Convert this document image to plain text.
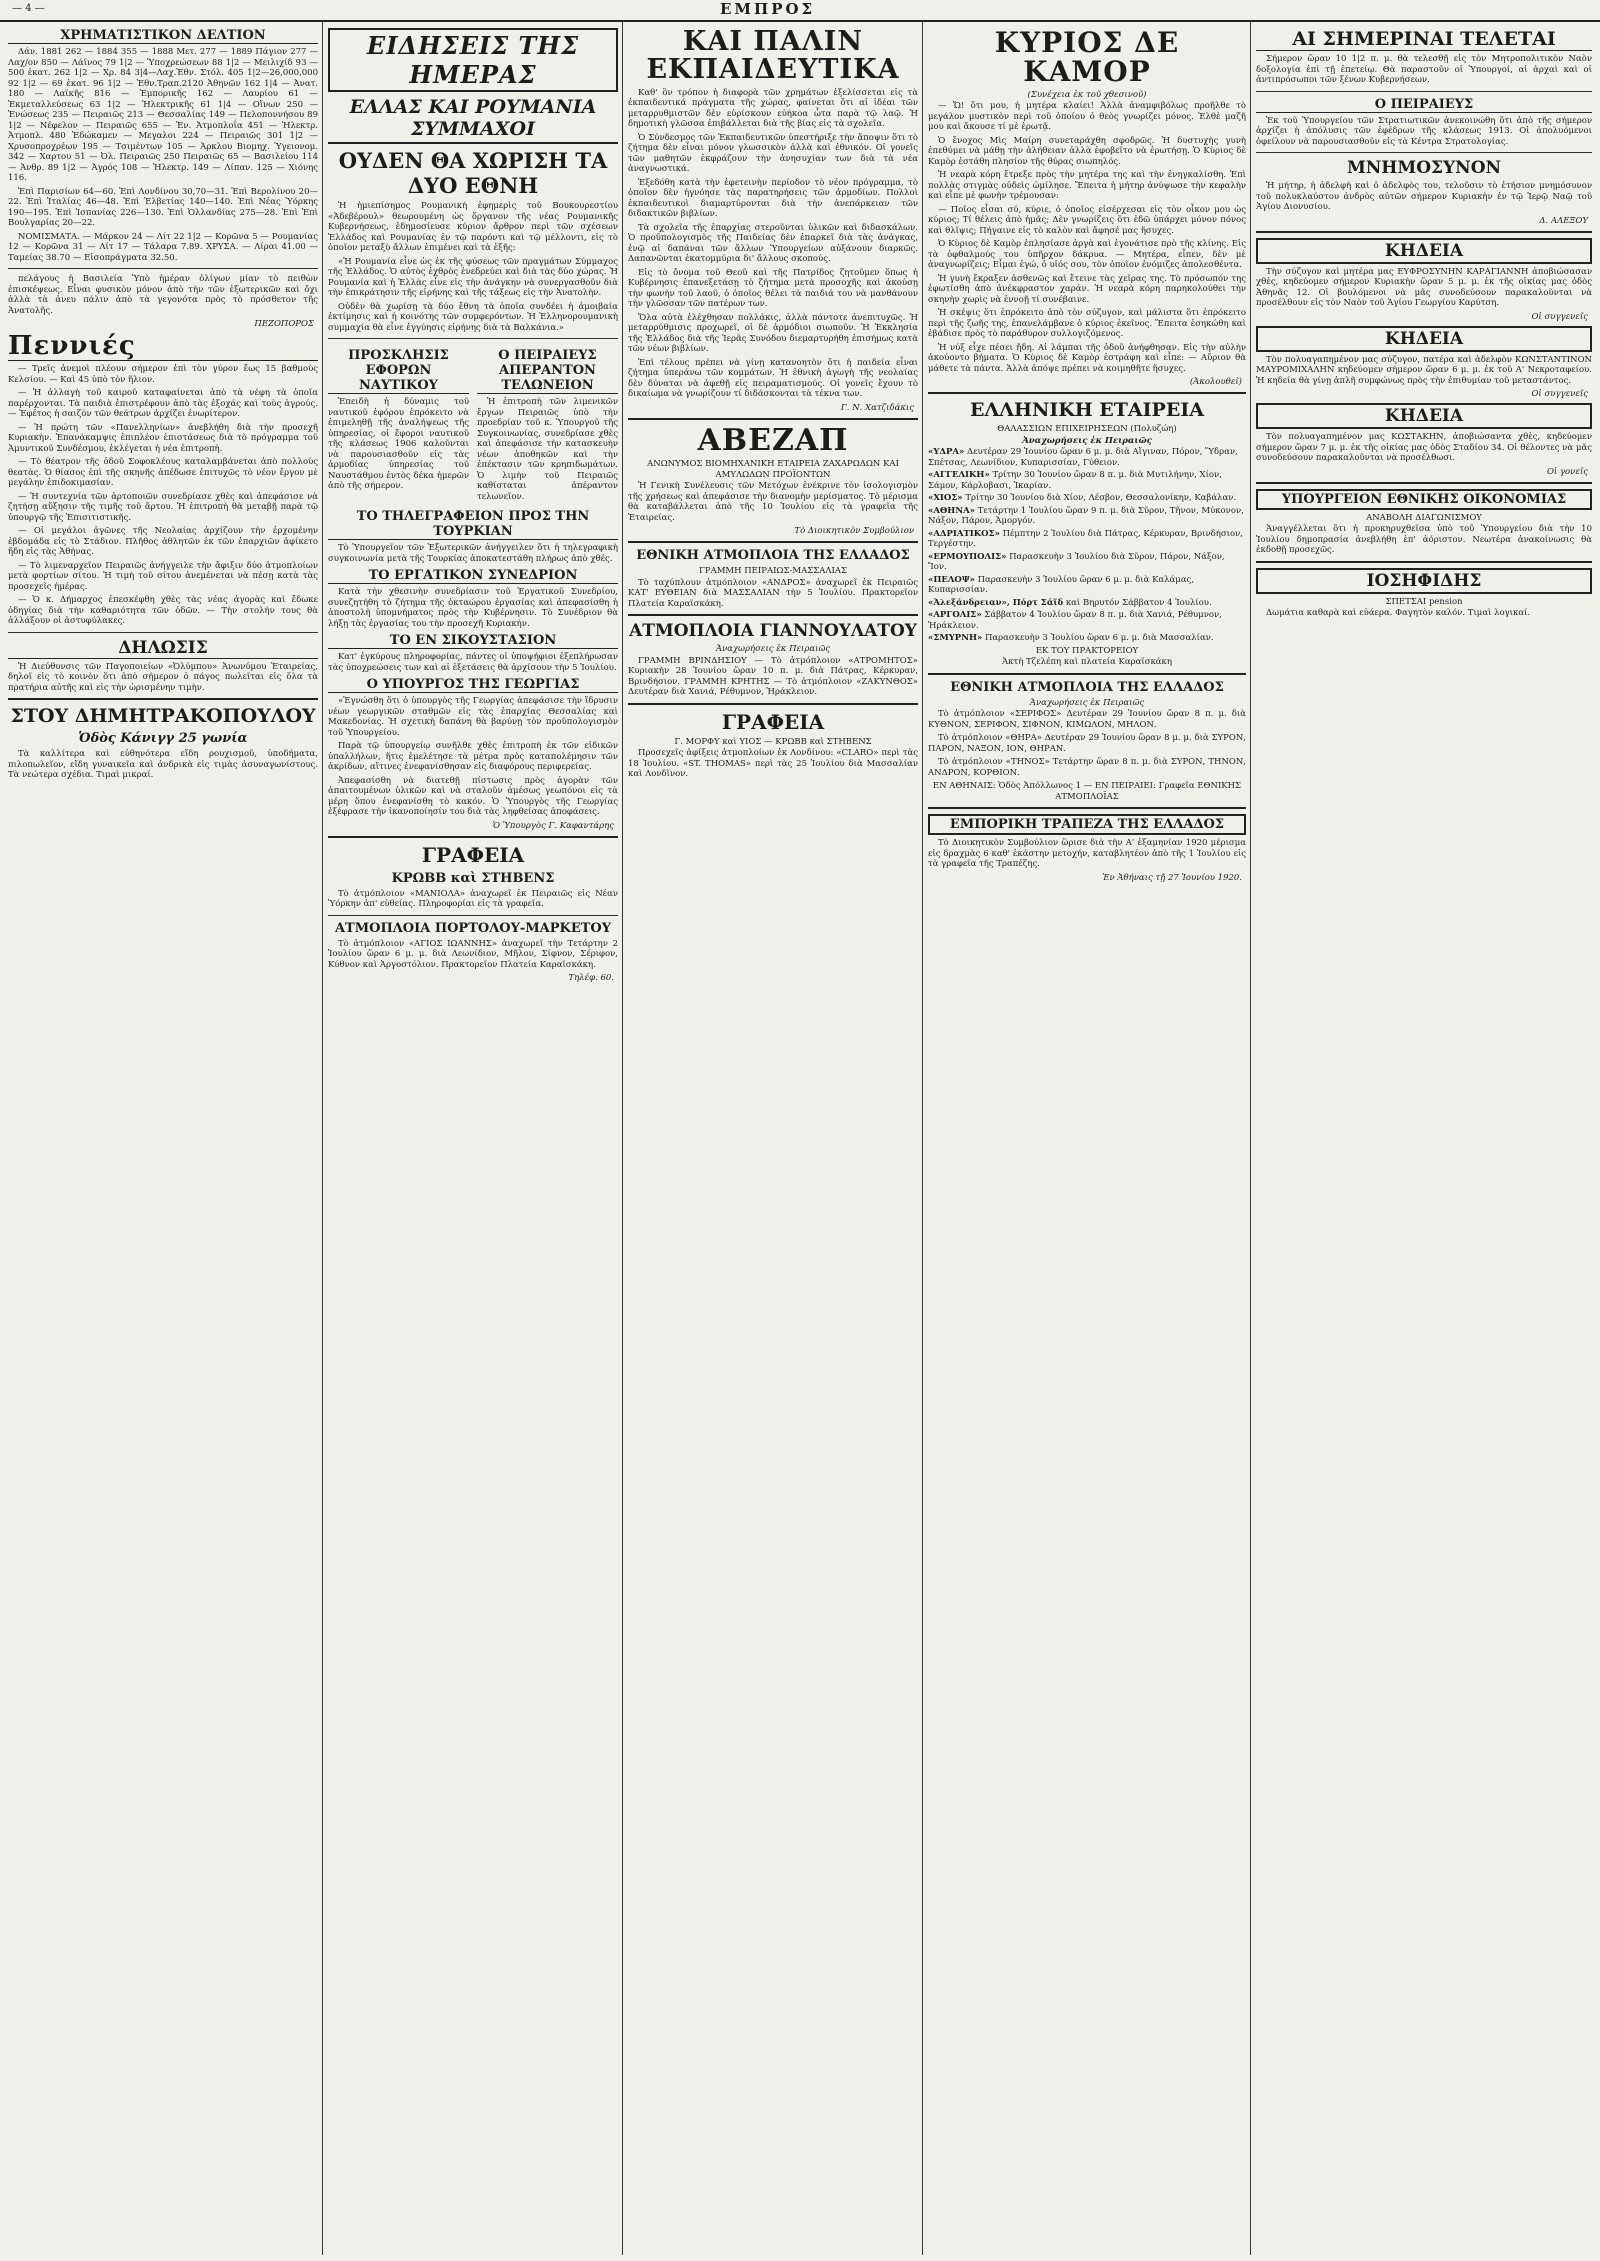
— 4 —	ΕΜΠΡΟΣ
ΧΡΗΜΑΤΙΣΤΙΚΟΝ ΔΕΛΤΙΟΝ

Δάν. 1881 262 — 1884 355 — 1888 Μετ. 277 — 1889 Πάγιον 277 — Λαχ/ον 850 — Λάϊνος 79 1|2 — Ὑποχρεώσεων 88 1|2 — Μειλιχίδ 93 — 500 ἑκατ. 262 1|2 — Χρ. 84 3|4—Λαχ.Ἐθν. Στόλ. 405 1|2—26,000,000 92 1|2 — 69 ἑκατ. 96 1|2 — Ἐθν.Τραπ.2120 Ἀθηνῶν 162 1|4 — Ἀνατ. 180 — Λαϊκῆς 816 — Ἐμπορικῆς 162 — Λαυρίου 61 — Ἐκμεταλλεύσεως 63 1|2 — Ἠλεκτρικῆς 61 1|4 — Οἴνων 250 — Ἑνώσεως 235 — Πειραιῶς 213 — Θεσσαλίας 149 — Πελοποννήσου 89 1|2 — Νέφελον — Πειραιῶς 655 — Ἐν. Ἀτμοπλοΐα 451 — Ἠλεκτρ. Ἀτμοπλ. 480 Ἐδώκαμεν — Μεγαλοι 224 — Πειραιῶς 301 1|2 — Χρυσοπροχρέων 195 — Τσιμέντων 105 — Ἀρκλου Βιομηχ. Ὑγειονομ. 342 — Χαρτου 51 — Ὀλ. Πειραιῶς 250 Πειραιῶς 65 — Βασιλείου 114 — Ἀνθρ. 89 1|2 — Ἀγρός 108 — Ἠλεκτρ. 149 — Λίπαν. 125 — Χιόνης 116.

Ἐπὶ Παρισίων 64—60. Ἐπὶ Λονδίνου 30,70—31. Ἐπὶ Βερολίνου 20—22. Ἐπὶ Ἰταλίας 46—48. Ἐπὶ Ἑλβετίας 140—140. Ἐπὶ Νέας Ὑόρκης 190—195. Ἐπὶ Ἰσπανίας 226—130. Ἐπὶ Ὁλλανδίας 275—28. Ἐπὶ Ἐπὶ Βουλγαρίας 20—22.

ΝΟΜΙΣΜΑΤΑ. — Μάρκον 24 — Λίτ 22 1|2 — Κορῶνα 5 — Ρουμανίας 12 — Κορῶνα 31 — Λίτ 17 — Τάλαρα 7.89. ΧΡΥΣΑ. — Λίραι 41.00 — Ταμείας 38.70 — Εἰσοπράγματα 32.50.

πελάγους ἡ Βασιλεία Ὑπὸ ἡμέραν ὀλίγων μίαν τὸ πειθὼν ἐπισκέψεως. Εἶναι φυσικὸν μόνον ἀπὸ τὴν τῶν ἐξωτερικῶν καὶ ὄχι ἀλλὰ τὰ ἀνευ πάλιν ἀπὸ τὰ γεγονότα πρὸς τὸ πρόσθετον τῆς Ἀνατολῆς.

ΠΕΖΟΠΟΡΟΣ
Πεννιές

— Τρεῖς ἀνεμοὶ πλέουν σήμερον ἐπὶ τὸν γύρον ἔως 15 βαθμοὺς Κελσίου. — Καὶ 45 ὑπὸ τὸν ἥλιον.

— Ἡ ἀλλαγὴ τοῦ καιροῦ καταφαίνεται ἀπὸ τὰ νέφη τὰ ὁποῖα παρέρχονται. Τὰ παιδιὰ ἐπιστρέφουν ἀπὸ τὰς ἐξοχάς καὶ τοὺς ἀγρούς. — Ἐφέτος ἡ σαιζὸν τῶν θεάτρων ἀρχίζει ἐνωρίτερον.

— Ἡ πρώτη τῶν «Πανελληνίων» ἀνεβλήθη διὰ τὴν προσεχῆ Κυριακὴν. Ἐπανάκαμψις ἐπιπλέον ἐπιστάσεως διὰ τὸ πρόγραμμα τοῦ Ἀμυντικοῦ Συνδέσμου, ἐκλέγεται ἡ νέα ἐπιτροπὴ.

— Τὸ θέατρον τῆς ὁδοῦ Σοφοκλέους καταλαμβάνεται ἀπὸ πολλοὺς θεατὰς. Ὁ θίασος ἐπὶ τῆς σκηνῆς ἀπέδωσε ἐπιτυχῶς τὸ νέον ἔργον μὲ μεγάλην ἐπιδοκιμασίαν.

— Ἡ συντεχνία τῶν ἀρτοποιῶν συνεδρίασε χθὲς καὶ ἀπεφάσισε νὰ ζητήσῃ αὔξησιν τῆς τιμῆς τοῦ ἄρτου. Ἡ ἐπιτροπὴ θὰ μεταβῇ παρὰ τῷ ὑπουργῷ τῆς Ἐπισιτιστικῆς.

— Οἱ μεγάλοι ἀγῶνες τῆς Νεολαίας ἀρχίζουν τὴν ἐρχομένην ἑβδομάδα εἰς τὸ Στάδιον. Πλῆθος ἀθλητῶν ἐκ τῶν ἐπαρχιῶν ἀφίκετο ἤδη εἰς τὰς Ἀθήνας.

— Τὸ λιμεναρχεῖον Πειραιῶς ἀνήγγειλε τὴν ἄφιξιν δύο ἀτμοπλοίων μετὰ φορτίων σίτου. Ἡ τιμὴ τοῦ σίτου ἀνεμένεται νὰ πέσῃ κατὰ τὰς προσεχεῖς ἡμέρας.

— Ὁ κ. Δήμαρχος ἐπεσκέφθη χθὲς τὰς νέας ἀγορὰς καὶ ἔδωκε ὁδηγίας διὰ τὴν καθαριότητα τῶν ὁδῶν. — Τὴν στολήν τους θὰ ἀλλάξουν οἱ ἀστυφύλακες.

ΔΗΛΩΣΙΣ

Ἡ Διεύθυνσις τῶν Παγοποιείων «Ὀλύμπου» Ἀνωνύμου Ἑταιρείας, δηλοῖ εἰς τὸ κοινὸν ὅτι ἀπὸ σήμερον ὁ πάγος πωλεῖται εἰς ὅλα τὰ πρατήρια αὐτῆς καὶ εἰς τὴν ὡρισμένην τιμὴν.

ΣΤΟΥ ΔΗΜΗΤΡΑΚΟΠΟΥΛΟΥ
Ὁδὸς Κάνιγγ 25 γωνία

Τὰ καλλίτερα καὶ εὐθηνότερα εἴδη ρουχισμοῦ, ὑποδήματα, πιλοπωλεῖον, εἴδη γυναικεῖα καὶ ἀνδρικὰ εἰς τιμὰς ἀσυναγωνίστους. Τὰ νεώτερα σχέδια. Τιμαὶ μικραί.

ΕΙΔΗΣΕΙΣ ΤΗΣ ΗΜΕΡΑΣ
ΕΛΛΑΣ ΚΑΙ ΡΟΥΜΑΝΙΑ ΣΥΜΜΑΧΟΙ
ΟΥΔΕΝ ΘΑ ΧΩΡΙΣΗ ΤΑ ΔΥΟ ΕΘΝΗ

Ἡ ἡμιεπίσημος Ρουμανικὴ ἐφημερὶς τοῦ Βουκουρεστίου «Ἀδεβέρουλ» θεωρουμένη ὡς ὄργανον τῆς νέας Ρουμανικῆς Κυβερνήσεως, ἐδημοσίευσε κύριον ἄρθρον περὶ τῶν σχέσεων Ἑλλάδος καὶ Ρουμανίας ἐν τῷ παρόντι καὶ τῷ μέλλοντι, εἰς τὸ ὁποῖον μεταξὺ ἄλλων ἐπιμένει καὶ τὰ ἑξῆς:

«Ἡ Ρουμανία εἶνε ὡς ἐκ τῆς φύσεως τῶν πραγμάτων Σύμμαχος τῆς Ἑλλάδος. Ὁ αὐτὸς ἐχθρὸς ἐνεδρεύει καὶ διὰ τὰς δύο χώρας. Ἡ Ρουμανία καὶ ἡ Ἑλλὰς εἶνε εἰς τὴν ἀνάγκην νὰ συνεργασθοῦν διὰ τὴν ἐπικράτησιν τῆς εἰρήνης καὶ τῆς τάξεως εἰς τὴν Ἀνατολὴν.

Οὐδὲν θὰ χωρίσῃ τὰ δύο ἔθνη τὰ ὁποῖα συνδέει ἡ ἀμοιβαία ἐκτίμησις καὶ ἡ κοινότης τῶν συμφερόντων. Ἡ Ἑλληνορουμανικὴ συμμαχία θὰ εἶνε ἐγγύησις εἰρήνης διὰ τὰ Βαλκάνια.»

ΠΡΟΣΚΛΗΣΙΣ ΕΦΟΡΩΝ ΝΑΥΤΙΚΟΥ

Ἐπειδὴ ἡ δύναμις τοῦ ναυτικοῦ ἐφόρου ἐπρόκειτο νὰ ἐπιμεληθῇ τῆς ἀναλήψεως τῆς ὑπηρεσίας, οἱ ἔφοροι ναυτικοῦ τῆς κλάσεως 1906 καλοῦνται νὰ παρουσιασθοῦν εἰς τὰς ἀρμοδίας ὑπηρεσίας τοῦ Ναυστάθμου ἐντὸς δέκα ἡμερῶν ἀπὸ τῆς σήμερον.

Ο ΠΕΙΡΑΙΕΥΣ ΑΠΕΡΑΝΤΟΝ ΤΕΛΩΝΕΙΟΝ

Ἡ ἐπιτροπὴ τῶν λιμενικῶν ἔργων Πειραιῶς ὑπὸ τὴν προεδρίαν τοῦ κ. Ὑπουργοῦ τῆς Συγκοινωνίας, συνεδρίασε χθὲς καὶ ἀπεφάσισε τὴν κατασκευὴν νέων ἀποθηκῶν καὶ τὴν ἐπέκτασιν τῶν κρηπιδωμάτων. Ὁ λιμὴν τοῦ Πειραιῶς καθίσταται ἀπέραντον τελωνεῖον.

ΤΟ ΤΗΛΕΓΡΑΦΕΙΟΝ ΠΡΟΣ ΤΗΝ ΤΟΥΡΚΙΑΝ

Τὸ Ὑπουργεῖον τῶν Ἐξωτερικῶν ἀνήγγειλεν ὅτι ἡ τηλεγραφικὴ συγκοινωνία μετὰ τῆς Τουρκίας ἀποκατεστάθη πλήρως ἀπὸ χθές.

ΤΟ ΕΡΓΑΤΙΚΟΝ ΣΥΝΕΔΡΙΟΝ

Κατὰ τὴν χθεσινὴν συνεδρίασιν τοῦ Ἐργατικοῦ Συνεδρίου, συνεζητήθη τὸ ζήτημα τῆς ὀκταώρου ἐργασίας καὶ ἀπεφασίσθη ἡ ἀποστολὴ ὑπομνήματος πρὸς τὴν Κυβέρνησιν. Τὸ Συνέδριον θὰ λήξῃ τὰς ἐργασίας του τὴν προσεχῆ Κυριακήν.

ΤΟ ΕΝ ΣΙΚΟΥΣΤΑΣΙΟΝ

Κατ' ἐγκύρους πληροφορίας, πάντες οἱ ὑποψήφιοι ἐξεπλήρωσαν τὰς ὑποχρεώσεις των καὶ αἱ ἐξετάσεις θὰ ἀρχίσουν τὴν 5 Ἰουλίου.

Ο ΥΠΟΥΡΓΟΣ ΤΗΣ ΓΕΩΡΓΙΑΣ

«Ἐγνώσθη ὅτι ὁ ὑπουργὸς τῆς Γεωργίας ἀπεφάσισε τὴν ἵδρυσιν νέων γεωργικῶν σταθμῶν εἰς τὰς ἐπαρχίας Θεσσαλίας καὶ Μακεδονίας. Ἡ σχετικὴ δαπάνη θὰ βαρύνῃ τὸν προϋπολογισμὸν τοῦ Ὑπουργείου.

Παρὰ τῷ ὑπουργείῳ συνῆλθε χθὲς ἐπιτροπὴ ἐκ τῶν εἰδικῶν ὑπαλλήλων, ἥτις ἐμελέτησε τὰ μέτρα πρὸς καταπολέμησιν τῶν ἀκρίδων, αἵτινες ἐνεφανίσθησαν εἰς διαφόρους περιφερείας.

Ἀπεφασίσθη νὰ διατεθῇ πίστωσις πρὸς ἀγορὰν τῶν ἀπαιτουμένων ὑλικῶν καὶ νὰ σταλοῦν ἀμέσως γεωπόνοι εἰς τὰ μέρη ὅπου ἐνεφανίσθη τὸ κακόν. Ὁ Ὑπουργὸς τῆς Γεωργίας ἐξέφρασε τὴν ἱκανοποίησίν του διὰ τὰς ληφθείσας ἀποφάσεις.

Ὁ Ὑπουργὸς Γ. Καφαντάρης
ΓΡΑΦΕΙΑ
ΚΡΩΒΒ καὶ ΣΤΗΒΕΝΣ

Τὸ ἀτμόπλοιον «ΜΑΝΙΟΛΑ» ἀναχωρεῖ ἐκ Πειραιῶς εἰς Νέαν Ὑόρκην ἀπ' εὐθείας. Πληροφορίαι εἰς τὰ γραφεῖα.

ΑΤΜΟΠΛΟΙΑ ΠΟΡΤΟΛΟΥ-ΜΑΡΚΕΤΟΥ

Τὸ ἀτμόπλοιον «ΑΓΙΟΣ ΙΩΑΝΝΗΣ» ἀναχωρεῖ τὴν Τετάρτην 2 Ἰουλίου ὥραν 6 μ. μ. διὰ Λεωνίδιον, Μῆλον, Σίφνον, Σέριφον, Κύθνον καὶ Ἀργοστόλιον. Πρακτορεῖον Πλατεία Καραϊσκάκη.

Τηλέφ. 60.
ΚΑΙ ΠΑΛΙΝ ΕΚΠΑΙΔΕΥΤΙΚΑ

Καθ' ὃν τρόπον ἡ διαφορὰ τῶν χρημάτων ἐξελίσσεται εἰς τὰ ἐκπαιδευτικά πράγματα τῆς χώρας, φαίνεται ὅτι αἱ ἰδέαι τῶν μεταρρυθμιστῶν δὲν εὑρίσκουν εὐήκοα ὦτα παρὰ τῷ λαῷ. Ἡ δημοτικὴ γλῶσσα ἐπιβάλλεται διὰ τῆς βίας εἰς τὰ σχολεῖα.

Ὁ Σύνδεσμος τῶν Ἐκπαιδευτικῶν ὑπεστήριξε τὴν ἄποψιν ὅτι τὸ ζήτημα δὲν εἶναι μόνον γλωσσικὸν ἀλλὰ καὶ ἐθνικόν. Οἱ γονεῖς τῶν μαθητῶν ἐκφράζουν τὴν ἀνησυχίαν των διὰ τὰ νέα ἀναγνωστικά.

Ἐξεδόθη κατὰ τὴν ἐφετεινὴν περίοδον τὸ νέον πρόγραμμα, τὸ ὁποῖον δὲν ἠγνόησε τὰς παρατηρήσεις τῶν ἁρμοδίων. Πολλοὶ ἐκπαιδευτικοὶ διαμαρτύρονται διὰ τὴν ἀνεπάρκειαν τῶν διδακτικῶν βιβλίων.

Τὰ σχολεῖα τῆς ἐπαρχίας στεροῦνται ὑλικῶν καὶ διδασκάλων. Ὁ προϋπολογισμὸς τῆς Παιδείας δὲν ἐπαρκεῖ διὰ τὰς ἀνάγκας, ἐνῷ αἱ δαπάναι τῶν ἄλλων Ὑπουργείων αὐξάνουν διαρκῶς. Δαπανῶνται ἑκατομμύρια δι' ἄλλους σκοπούς.

Εἰς τὸ ὄνομα τοῦ Θεοῦ καὶ τῆς Πατρίδος ζητοῦμεν ὅπως ἡ Κυβέρνησις ἐπανεξετάσῃ τὸ ζήτημα μετὰ προσοχῆς καὶ ἀκούσῃ τὴν φωνὴν τοῦ λαοῦ, ὁ ὁποῖος θέλει τὰ παιδιά του νὰ μανθάνουν τὴν γλῶσσαν τῶν πατέρων των.

Ὅλα αὐτὰ ἐλέχθησαν πολλάκις, ἀλλὰ πάντοτε ἀνεπιτυχῶς. Ἡ μεταρρύθμισις προχωρεῖ, οἱ δὲ ἀρμόδιοι σιωποῦν. Ἡ Ἐκκλησία τῆς Ἑλλάδος διὰ τῆς Ἱερᾶς Συνόδου διεμαρτυρήθη ἐπισήμως κατὰ τῶν νέων βιβλίων.

Ἐπὶ τέλους πρέπει νὰ γίνῃ κατανοητὸν ὅτι ἡ παιδεία εἶναι ζήτημα ὑπεράνω τῶν κομμάτων. Ἡ ἐθνικὴ ἀγωγὴ τῆς νεολαίας δὲν δύναται νὰ ἀφεθῇ εἰς πειραματισμούς. Οἱ γονεῖς ἔχουν τὸ δικαίωμα νὰ γνωρίζουν τί διδάσκονται τὰ τέκνα των.

Γ. Ν. Χατζιδάκις
ΑΒΕΖΑΠ
ΑΝΩΝΥΜΟΣ ΒΙΟΜΗΧΑΝΙΚΗ ΕΤΑΙΡΕΙΑ ΖΑΧΑΡΩΔΩΝ ΚΑΙ ΑΜΥΛΩΔΩΝ ΠΡΟΪΟΝΤΩΝ

Ἡ Γενικὴ Συνέλευσις τῶν Μετόχων ἐνέκρινε τὸν ἰσολογισμὸν τῆς χρήσεως καὶ ἀπεφάσισε τὴν διανομὴν μερίσματος. Τὸ μέρισμα θὰ καταβάλλεται ἀπὸ τῆς 10 Ἰουλίου εἰς τὰ γραφεῖα τῆς Ἑταιρείας.

Τὸ Διοικητικὸν Συμβούλιον
ΕΘΝΙΚΗ ΑΤΜΟΠΛΟΙΑ ΤΗΣ ΕΛΛΑΔΟΣ
ΓΡΑΜΜΗ ΠΕΙΡΑΙΩΣ-ΜΑΣΣΑΛΙΑΣ

Τὸ ταχύπλουν ἀτμόπλοιον «ΑΝΔΡΟΣ» ἀναχωρεῖ ἐκ Πειραιῶς ΚΑΤ' ΕΥΘΕΙΑΝ διὰ ΜΑΣΣΑΛΙΑΝ τὴν 5 Ἰουλίου. Πρακτορεῖον Πλατεία Καραϊσκάκη.

ΑΤΜΟΠΛΟΙΑ ΓΙΑΝΝΟΥΛΑΤΟΥ
Ἀναχωρήσεις ἐκ Πειραιῶς

ΓΡΑΜΜΗ ΒΡΙΝΔΗΣΙΟΥ — Τὸ ἀτμόπλοιον «ΑΤΡΟΜΗΤΟΣ» Κυριακὴν 28 Ἰουνίου ὥραν 10 π. μ. διὰ Πάτρας, Κέρκυραν, Βρινδήσιον. ΓΡΑΜΜΗ ΚΡΗΤΗΣ — Τὸ ἀτμόπλοιον «ΖΑΚΥΝΘΟΣ» Δευτέραν διὰ Χανιά, Ρέθυμνον, Ἡράκλειον.

ΓΡΑΦΕΙΑ
Γ. ΜΟΡΦΥ καὶ ΥΙΟΣ — ΚΡΩΒΒ καὶ ΣΤΗΒΕΝΣ

Προσεχεῖς ἀφίξεις ἀτμοπλοίων ἐκ Λονδίνου: «CLARO» περὶ τὰς 18 Ἰουλίου. «ST. THOMAS» περὶ τὰς 25 Ἰουλίου διὰ Μασσαλίαν καὶ Λονδῖνον.

ΚΥΡΙΟΣ ΔΕ ΚΑΜΟΡ
(Συνέχεια ἐκ τοῦ χθεσινοῦ)

— Ὤ! ὅτι μου, ἡ μητέρα κλαίει! Ἀλλὰ ἀναμφιβόλως προῆλθε τὸ μεγάλον μυστικὸν περὶ τοῦ ὁποίου ὁ θεὸς γνωρίζει μόνος. Ἐλθὲ μαζῆ μου καὶ ἄκουσε τί μὲ ἐρωτᾷ.

Ὁ ἔνοχος Μὶς Μαίρη συνεταράχθη σφοδρῶς. Ἡ δυστυχὴς γυνὴ ἐπεθύμει νὰ μάθῃ τὴν ἀλήθειαν ἀλλὰ ἐφοβεῖτο νὰ ἐρωτήσῃ. Ὁ Κὺριος δὲ Καμὸρ ἐστάθη πλησίον τῆς θύρας σιωπηλός.

Ἡ νεαρὰ κόρη ἔτρεξε πρὸς τὴν μητέρα της καὶ τὴν ἐνηγκαλίσθη. Ἐπὶ πολλὰς στιγμὰς οὐδεὶς ὡμίλησε. Ἔπειτα ἡ μήτηρ ἀνύψωσε τὴν κεφαλὴν καὶ εἶπε μὲ φωνὴν τρέμουσαν:

— Ποῖος εἶσαι σύ, κύριε, ὁ ὁποῖος εἰσέρχεσαι εἰς τὸν οἶκον μου ὡς κύριος; Τί θέλεις ἀπὸ ἡμᾶς; Δὲν γνωρίζεις ὅτι ἐδῶ ὑπάρχει μόνον πόνος καὶ θλῖψις; Πήγαινε εἰς τὸ καλὸν καὶ ἄφησέ μας ἥσυχες.

Ὁ Κὺριος δὲ Καμὸρ ἐπλησίασε ἀργὰ καὶ ἐγονάτισε πρὸ τῆς κλίνης. Εἰς τὰ ὀφθαλμούς του ὑπῆρχον δάκρυα. — Μητέρα, εἶπεν, δὲν μὲ ἀναγνωρίζεις; Εἶμαι ἐγώ, ὁ υἱός σου, τὸν ὁποῖον ἐνόμιζες ἀπολεσθέντα.

Ἡ γυνὴ ἔκραξεν ἀσθενῶς καὶ ἔτεινε τὰς χεῖρας της. Τὸ πρόσωπόν της ἐφωτίσθη ἀπὸ ἀνέκφραστον χαράν. Ἡ νεαρὰ κόρη παρηκολούθει τὴν σκηνὴν χωρὶς νὰ ἐννοῇ τί συνέβαινε.

Ἡ σκέψις ὅτι ἐπρόκειτο ἀπὸ τὸν σύζυγον, καὶ μάλιστα ὅτι ἐπρόκειτο περὶ τῆς ζωῆς της, ἐπανελάμβανε ὁ κύριος ἐκεῖνος. Ἔπειτα ἐσηκώθη καὶ ἐβάδισε πρὸς τὸ παράθυρον συλλογιζόμενος.

Ἡ νύξ εἶχε πέσει ἤδη. Αἱ λάμπαι τῆς ὁδοῦ ἀνήφθησαν. Εἰς τὴν αὐλὴν ἀκούοντο βήματα. Ὁ Κὺριος δὲ Καμὸρ ἐστράφη καὶ εἶπε: — Αὔριον θὰ μάθετε τὰ πάντα. Ἀλλὰ ἀπόψε πρέπει νὰ κοιμηθῆτε ἥσυχες.

(Ἀκολουθεῖ)
ΕΛΛΗΝΙΚΗ ΕΤΑΙΡΕΙΑ
ΘΑΛΑΣΣΙΩΝ ΕΠΙΧΕΙΡΗΣΕΩΝ (Πολυζώη)
Ἀναχωρήσεις ἐκ Πειραιῶς
«ΥΔΡΑ» Δευτέραν 29 Ἰουνίου ὥραν 6 μ. μ. διὰ Αἴγιναν, Πόρον, Ὕδραν, Σπέτσας, Λεωνίδιον, Κυπαρισσίαν, Γύθειον.
«ΑΓΓΕΛΙΚΗ» Τρίτην 30 Ἰουνίου ὥραν 8 π. μ. διὰ Μυτιλήνην, Χίον, Σάμον, Κάρλοβασι, Ἰκαρίαν.
«ΧΙΟΣ» Τρίτην 30 Ἰουνίου διὰ Χίον, Λέσβον, Θεσσαλονίκην, Καβάλαν.
«ΑΘΗΝΑ» Τετάρτην 1 Ἰουλίου ὥραν 9 π. μ. διὰ Σῦρον, Τῆνον, Μύκονον, Νάξον, Πάρον, Ἀμοργόν.
«ΑΔΡΙΑΤΙΚΟΣ» Πέμπτην 2 Ἰουλίου διὰ Πάτρας, Κέρκυραν, Βρινδήσιον, Τεργέστην.
«ΕΡΜΟΥΠΟΛΙΣ» Παρασκευὴν 3 Ἰουλίου διὰ Σῦρον, Πάρον, Νάξον, Ἴον.
«ΠΕΛΟΨ» Παρασκευὴν 3 Ἰουλίου ὥραν 6 μ. μ. διὰ Καλάμας, Κυπαρισσίαν.
«Ἀλεξάνδρειαν», Πόρτ Σάϊδ καὶ Βηρυτόν Σάββατον 4 Ἰουλίου.
«ΑΡΓΟΛΙΣ» Σάββατον 4 Ἰουλίου ὥραν 8 π. μ. διὰ Χανιά, Ρέθυμνον, Ἡράκλειον.
«ΣΜΥΡΝΗ» Παρασκευὴν 3 Ἰουλίου ὥραν 6 μ. μ. διὰ Μασσαλίαν.
ΕΚ ΤΟΥ ΠΡΑΚΤΟΡΕΙΟΥ
Ἀκτὴ Τζελέπη καὶ πλατεία Καραϊσκάκη
ΕΘΝΙΚΗ ΑΤΜΟΠΛΟΙΑ ΤΗΣ ΕΛΛΑΔΟΣ
Ἀναχωρήσεις ἐκ Πειραιῶς

Τὸ ἀτμόπλοιον «ΣΕΡΙΦΟΣ» Δευτέραν 29 Ἰουνίου ὥραν 8 π. μ. διὰ ΚΥΘΝΟΝ, ΣΕΡΙΦΟΝ, ΣΙΦΝΟΝ, ΚΙΜΩΛΟΝ, ΜΗΛΟΝ.

Τὸ ἀτμόπλοιον «ΘΗΡΑ» Δευτέραν 29 Ἰουνίου ὥραν 8 μ. μ. διὰ ΣΥΡΟΝ, ΠΑΡΟΝ, ΝΑΞΟΝ, ΙΟΝ, ΘΗΡΑΝ.

Τὸ ἀτμόπλοιον «ΤΗΝΟΣ» Τετάρτην ὥραν 8 π. μ. διὰ ΣΥΡΟΝ, ΤΗΝΟΝ, ΑΝΔΡΟΝ, ΚΟΡΘΙΟΝ.

ΕΝ ΑΘΗΝΑΙΣ: Ὁδὸς Ἀπόλλωνος 1 — ΕΝ ΠΕΙΡΑΙΕΙ: Γραφεῖα ΕΘΝΙΚΗΣ ΑΤΜΟΠΛΟΪΑΣ
ΕΜΠΟΡΙΚΗ ΤΡΑΠΕΖΑ ΤΗΣ ΕΛΛΑΔΟΣ

Τὸ Διοικητικὸν Συμβούλιον ὥρισε διὰ τὴν Α' ἑξαμηνίαν 1920 μέρισμα εἰς δραχμὰς 6 καθ' ἑκάστην μετοχήν, καταβλητέον ἀπὸ τῆς 1 Ἰουλίου εἰς τὰ γραφεῖα τῆς Τραπέζης.

Ἐν Ἀθήναις τῇ 27 Ἰουνίου 1920.
ΑΙ ΣΗΜΕΡΙΝΑΙ ΤΕΛΕΤΑΙ

Σήμερον ὥραν 10 1|2 π. μ. θὰ τελεσθῇ εἰς τὸν Μητροπολιτικὸν Ναὸν δοξολογία ἐπὶ τῇ ἐπετείῳ. Θὰ παραστοῦν οἱ Ὑπουργοί, αἱ ἀρχαὶ καὶ οἱ ἀντιπρόσωποι τῶν ξένων Κυβερνήσεων.

Ο ΠΕΙΡΑΙΕΥΣ

Ἐκ τοῦ Ὑπουργείου τῶν Στρατιωτικῶν ἀνεκοινώθη ὅτι ἀπὸ τῆς σήμερον ἀρχίζει ἡ ἀπόλυσις τῶν ἐφέδρων τῆς κλάσεως 1913. Οἱ ἀπολυόμενοι ὀφείλουν νὰ παρουσιασθοῦν εἰς τὰ Κέντρα Στρατολογίας.

ΜΝΗΜΟΣΥΝΟΝ

Ἡ μήτηρ, ἡ ἀδελφὴ καὶ ὁ ἀδελφὸς του, τελοῦσιν τὸ ἐτήσιον μνημόσυνον τοῦ πολυκλαύστου ἀνδρὸς αὐτῶν σήμερον Κυριακὴν ἐν τῷ Ἱερῷ Ναῷ τοῦ Ἁγίου Διονυσίου.

Δ. ΑΛΕΞΟΥ
ΚΗΔΕΙΑ

Τὴν σύζυγον καὶ μητέρα μας ΕΥΦΡΟΣΥΝΗΝ ΚΑΡΑΓΙΑΝΝΗ ἀποβιώσασαν χθὲς, κηδεύομεν σήμερον Κυριακὴν ὥραν 5 μ. μ. ἐκ τῆς οἰκίας μας ὁδὸς Ἀθηνᾶς 12. Οἱ βουλόμενοι νὰ μᾶς συνοδεύσουν παρακαλοῦνται νὰ προσέλθουν εἰς τὸν Ναὸν τοῦ Ἁγίου Γεωργίου Καρύτση.

Οἱ συγγενεῖς
ΚΗΔΕΙΑ

Τὸν πολυαγαπημένον μας σύζυγον, πατέρα καὶ ἀδελφὸν ΚΩΝΣΤΑΝΤΙΝΟΝ ΜΑΥΡΟΜΙΧΑΛΗΝ κηδεύομεν σήμερον ὥραν 6 μ. μ. ἐκ τοῦ Α' Νεκροταφείου. Ἡ κηδεία θὰ γίνῃ ἀπλῆ συμφώνως πρὸς τὴν ἐπιθυμίαν τοῦ μεταστάντος.

Οἱ συγγενεῖς
ΚΗΔΕΙΑ

Τὸν πολυαγαπημένον μας ΚΩΣΤΑΚΗΝ, ἀποβιώσαντα χθὲς, κηδεύομεν σήμερον ὥραν 7 μ. μ. ἐκ τῆς οἰκίας μας ὁδὸς Σταδίου 34. Οἱ θέλοντες νὰ μᾶς συνοδεύσουν παρακαλοῦνται νὰ προσέλθωσι.

Οἱ γονεῖς
ΥΠΟΥΡΓΕΙΟΝ ΕΘΝΙΚΗΣ ΟΙΚΟΝΟΜΙΑΣ
ΑΝΑΒΟΛΗ ΔΙΑΓΩΝΙΣΜΟΥ

Ἀναγγέλλεται ὅτι ἡ προκηρυχθεῖσα ὑπὸ τοῦ Ὑπουργείου διὰ τὴν 10 Ἰουλίου δημοπρασία ἀνεβλήθη ἐπ' ἀόριστον. Νεωτέρα ἀνακοίνωσις θὰ ἐκδοθῇ προσεχῶς.

ΙΟΣΗΦΙΔΗΣ
ΣΠΕΤΣΑΙ pension

Δωμάτια καθαρὰ καὶ εὐάερα. Φαγητὸν καλόν. Τιμαὶ λογικαί.
